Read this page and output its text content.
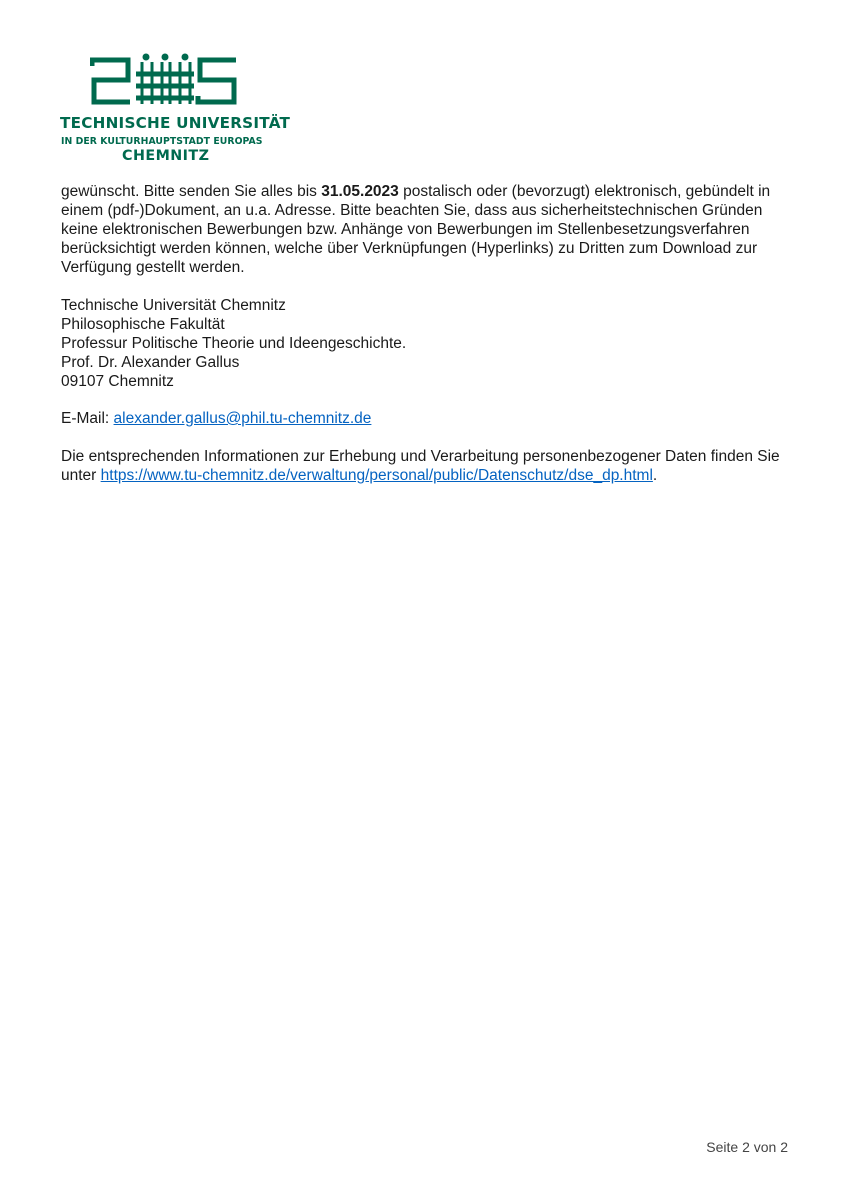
TECHNISCHE UNIVERSITÄT
IN DER KULTURHAUPTSTADT EUROPAS
CHEMNITZ
gewünscht. Bitte senden Sie alles bis 31.05.2023 postalisch oder (bevorzugt) elektronisch, gebündelt in
einem (pdf-)Dokument, an u.a. Adresse. Bitte beachten Sie, dass aus sicherheitstechnischen Gründen
keine elektronischen Bewerbungen bzw. Anhänge von Bewerbungen im Stellenbesetzungsverfahren
berücksichtigt werden können, welche über Verknüpfungen (Hyperlinks) zu Dritten zum Download zur
Verfügung gestellt werden.
Technische Universität Chemnitz
Philosophische Fakultät
Professur Politische Theorie und Ideengeschichte.
Prof. Dr. Alexander Gallus
09107 Chemnitz
E-Mail: alexander.gallus@phil.tu-chemnitz.de
Die entsprechenden Informationen zur Erhebung und Verarbeitung personenbezogener Daten finden Sie
unter https://www.tu-chemnitz.de/verwaltung/personal/public/Datenschutz/dse_dp.html.
Seite 2 von 2
